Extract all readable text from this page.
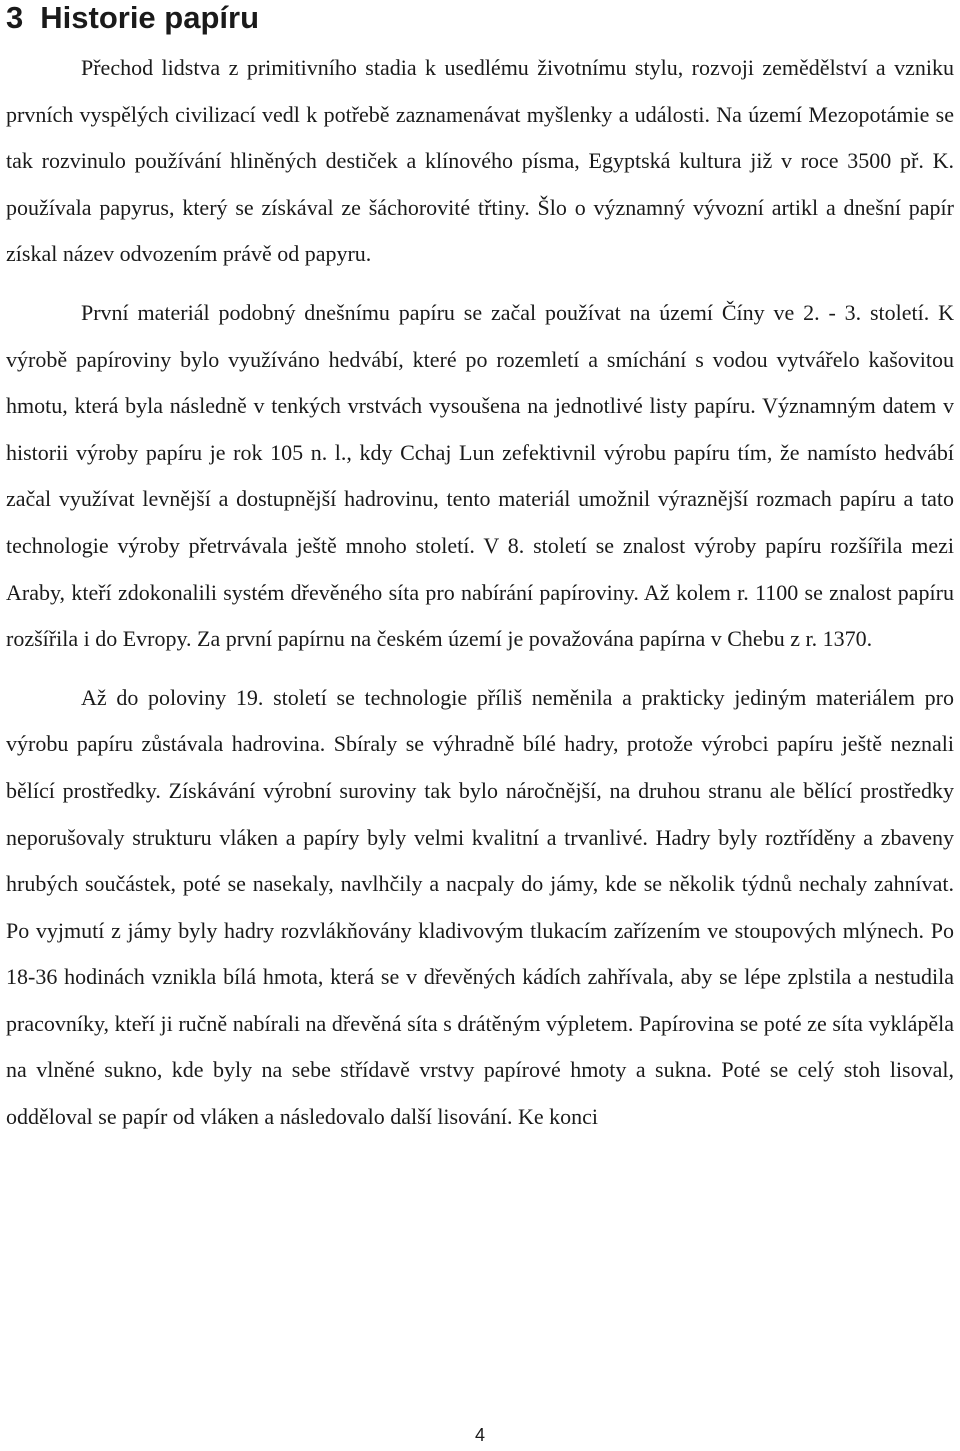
3 Historie papíru

Přechod lidstva z primitivního stadia k usedlému životnímu stylu, rozvoji zemědělství a vzniku prvních vyspělých civilizací vedl k potřebě zaznamenávat myšlenky a události. Na území Mezopotámie se tak rozvinulo používání hliněných destiček a klínového písma, Egyptská kultura již v roce 3500 př. K. používala papyrus, který se získával ze šáchorovité třtiny. Šlo o významný vývozní artikl a dnešní papír získal název odvozením právě od papyru.

První materiál podobný dnešnímu papíru se začal používat na území Číny ve 2. - 3. století. K výrobě papíroviny bylo využíváno hedvábí, které po rozemletí a smíchání s vodou vytvářelo kašovitou hmotu, která byla následně v tenkých vrstvách vysoušena na jednotlivé listy papíru. Významným datem v historii výroby papíru je rok 105 n. l., kdy Cchaj Lun zefektivnil výrobu papíru tím, že namísto hedvábí začal využívat levnější a dostupnější hadrovinu, tento materiál umožnil výraznější rozmach papíru a tato technologie výroby přetrvávala ještě mnoho století. V 8. století se znalost výroby papíru rozšířila mezi Araby, kteří zdokonalili systém dřevěného síta pro nabírání papíroviny. Až kolem r. 1100 se znalost papíru rozšířila i do Evropy. Za první papírnu na českém území je považována papírna v Chebu z r. 1370.

Až do poloviny 19. století se technologie příliš neměnila a prakticky jediným materiálem pro výrobu papíru zůstávala hadrovina. Sbíraly se výhradně bílé hadry, protože výrobci papíru ještě neznali bělící prostředky. Získávání výrobní suroviny tak bylo náročnější, na druhou stranu ale bělící prostředky neporušovaly strukturu vláken a papíry byly velmi kvalitní a trvanlivé. Hadry byly roztříděny a zbaveny hrubých součástek, poté se nasekaly, navlhčily a nacpaly do jámy, kde se několik týdnů nechaly zahnívat. Po vyjmutí z jámy byly hadry rozvlákňovány kladivovým tlukacím zařízením ve stoupových mlýnech. Po 18-36 hodinách vznikla bílá hmota, která se v dřevěných kádích zahřívala, aby se lépe zplstila a nestudila pracovníky, kteří ji ručně nabírali na dřevěná síta s drátěným výpletem. Papírovina se poté ze síta vyklápěla na vlněné sukno, kde byly na sebe střídavě vrstvy papírové hmoty a sukna. Poté se celý stoh lisoval, odděloval se papír od vláken a následovalo další lisování. Ke konci

4
